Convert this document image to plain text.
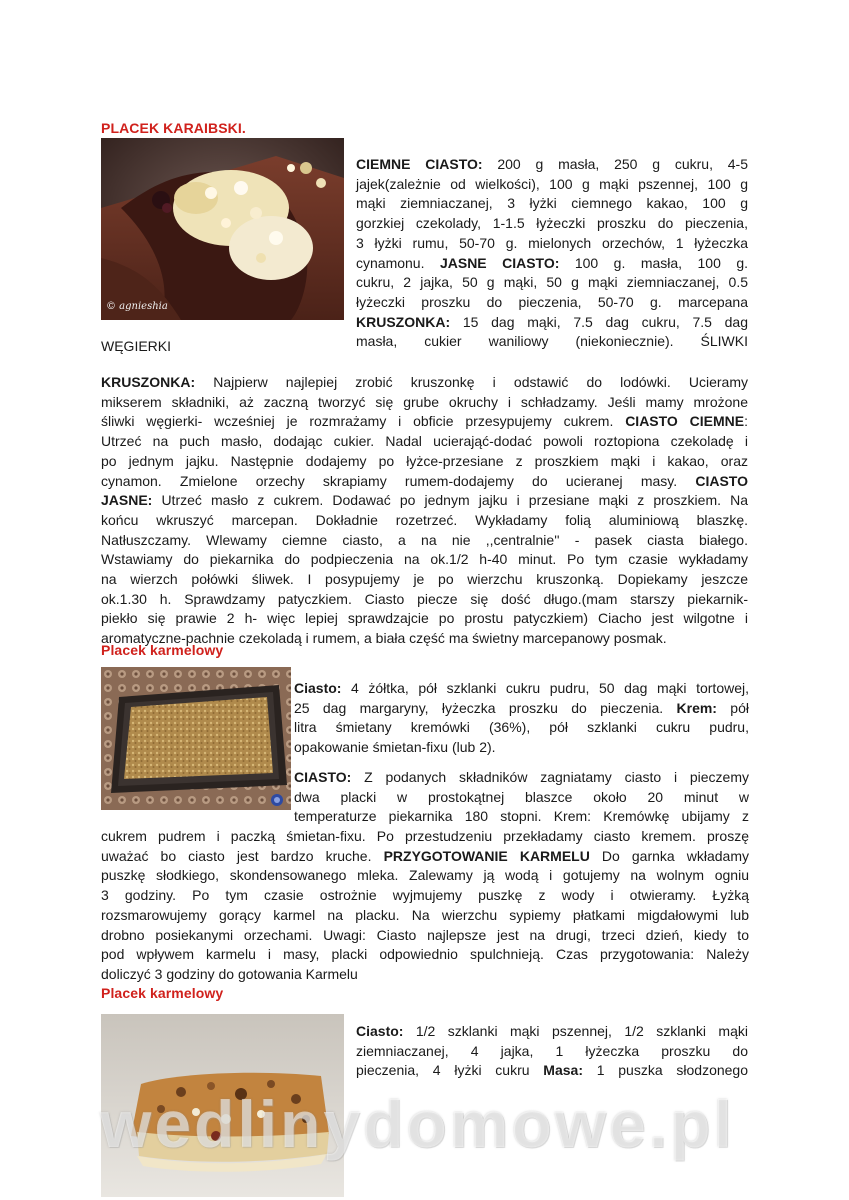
PLACEK KARAIBSKI.
© agnieshia
CIEMNE CIASTO: 200 g masła, 250 g cukru, 4-5
jajek(zależnie od wielkości), 100 g mąki pszennej, 100 g
mąki ziemniaczanej, 3 łyżki ciemnego kakao, 100 g
gorzkiej czekolady, 1-1.5 łyżeczki proszku do pieczenia,
3 łyżki rumu, 50-70 g. mielonych orzechów, 1 łyżeczka
cynamonu. JASNE CIASTO: 100 g. masła, 100 g.
cukru, 2 jajka, 50 g mąki, 50 g mąki ziemniaczanej, 0.5
łyżeczki proszku do pieczenia, 50-70 g. marcepana
KRUSZONKA: 15 dag mąki, 7.5 dag cukru, 7.5 dag
masła, cukier waniliowy (niekoniecznie). ŚLIWKI
WĘGIERKI
KRUSZONKA: Najpierw najlepiej zrobić kruszonkę i odstawić do lodówki. Ucieramy
mikserem składniki, aż zaczną tworzyć się grube okruchy i schładzamy. Jeśli mamy mrożone
śliwki węgierki- wcześniej je rozmrażamy i obficie przesypujemy cukrem. CIASTO CIEMNE:
Utrzeć na puch masło, dodając cukier. Nadal ucierająć-dodać powoli roztopiona czekoladę i
po jednym jajku. Następnie dodajemy po łyżce-przesiane z proszkiem mąki i kakao, oraz
cynamon. Zmielone orzechy skrapiamy rumem-dodajemy do ucieranej masy. CIASTO
JASNE: Utrzeć masło z cukrem. Dodawać po jednym jajku i przesiane mąki z proszkiem. Na
końcu wkruszyć marcepan. Dokładnie rozetrzeć. Wykładamy folią aluminiową blaszkę.
Natłuszczamy. Wlewamy ciemne ciasto, a na nie ,,centralnie'' - pasek ciasta białego.
Wstawiamy do piekarnika do podpieczenia na ok.1/2 h-40 minut. Po tym czasie wykładamy
na wierzch połówki śliwek. I posypujemy je po wierzchu kruszonką. Dopiekamy jeszcze
ok.1.30 h. Sprawdzamy patyczkiem. Ciasto piecze się dość długo.(mam starszy piekarnik-
piekło się prawie 2 h- więc lepiej sprawdzajcie po prostu patyczkiem) Ciacho jest wilgotne i
aromatyczne-pachnie czekoladą i rumem, a biała część ma świetny marcepanowy posmak.
Placek karmelowy
Ciasto: 4 żółtka, pół szklanki cukru pudru, 50 dag mąki tortowej,
25 dag margaryny, łyżeczka proszku do pieczenia. Krem: pół
litra śmietany kremówki (36%), pół szklanki cukru pudru,
opakowanie śmietan-fixu (lub 2).
CIASTO: Z podanych składników zagniatamy ciasto i pieczemy
dwa placki w prostokątnej blaszce około 20 minut w
temperaturze piekarnika 180 stopni. Krem: Kremówkę ubijamy z
cukrem pudrem i paczką śmietan-fixu. Po przestudzeniu przekładamy ciasto kremem. proszę
uważać bo ciasto jest bardzo kruche. PRZYGOTOWANIE KARMELU Do garnka wkładamy
puszkę słodkiego, skondensowanego mleka. Zalewamy ją wodą i gotujemy na wolnym ogniu
3 godziny. Po tym czasie ostrożnie wyjmujemy puszkę z wody i otwieramy. Łyżką
rozsmarowujemy gorący karmel na placku. Na wierzchu sypiemy płatkami migdałowymi lub
drobno posiekanymi orzechami. Uwagi: Ciasto najlepsze jest na drugi, trzeci dzień, kiedy to
pod wpływem karmelu i masy, placki odpowiednio spulchnieją. Czas przygotowania: Należy
doliczyć 3 godziny do gotowania Karmelu
Placek karmelowy
Ciasto: 1/2 szklanki mąki pszennej, 1/2 szklanki mąki
ziemniaczanej, 4 jajka, 1 łyżeczka proszku do
pieczenia, 4 łyżki cukru Masa: 1 puszka słodzonego
wedlinydomowe.pl
